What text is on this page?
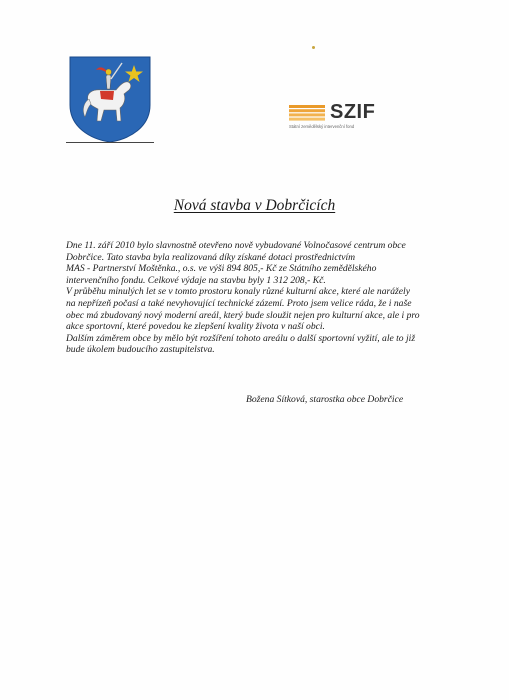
SZIF
Státní zemědělský intervenční fond
Nová stavba v Dobrčicích

Dne 11. září 2010 bylo slavnostně otevřeno nově vybudované Volnočasové centrum obce

Dobrčice. Tato stavba byla realizovaná díky získané dotaci prostřednictvím

MAS - Partnerství Moštěnka., o.s. ve výši 894 805,- Kč ze Státního zemědělského

intervenčního fondu. Celkové výdaje na stavbu byly 1 312 208,- Kč.

V průběhu minulých let se v tomto prostoru konaly různé kulturní akce, které ale narážely

na nepřízeň počasí a také nevyhovující technické zázemí. Proto jsem velice ráda, že i naše

obec má zbudovaný nový moderní areál, který bude sloužit nejen pro kulturní akce, ale i pro

akce sportovní, které povedou ke zlepšení kvality života v naší obci.

Dalším záměrem obce by mělo být rozšíření tohoto areálu o další sportovní vyžití, ale to již

bude úkolem budoucího zastupitelstva.

Božena Sítková, starostka obce Dobrčice
